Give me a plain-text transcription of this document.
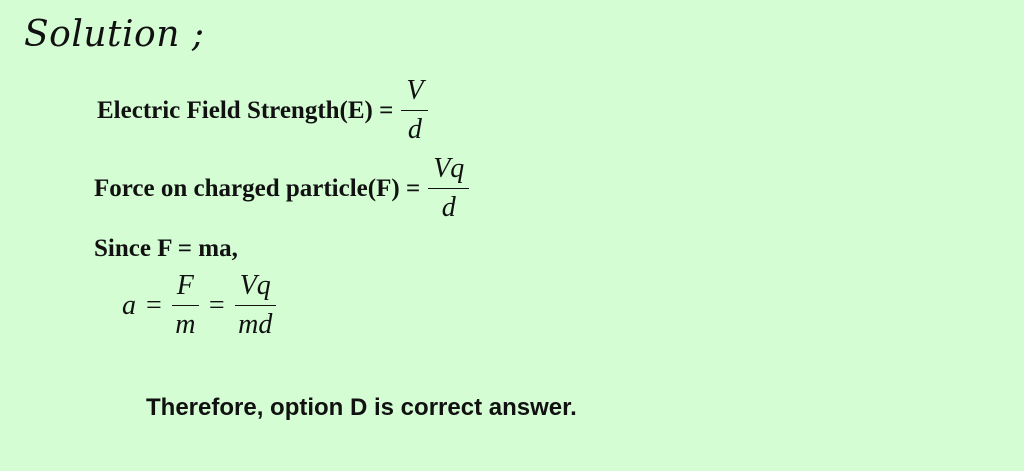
Solution ;
Electric Field Strength(E) = $\frac{V}{d}$
Force on charged particle(F) = $\frac{Vq}{d}$
Since F = ma,
$a = \frac{F}{m} = \frac{Vq}{md}$
Therefore, option D is correct answer.
